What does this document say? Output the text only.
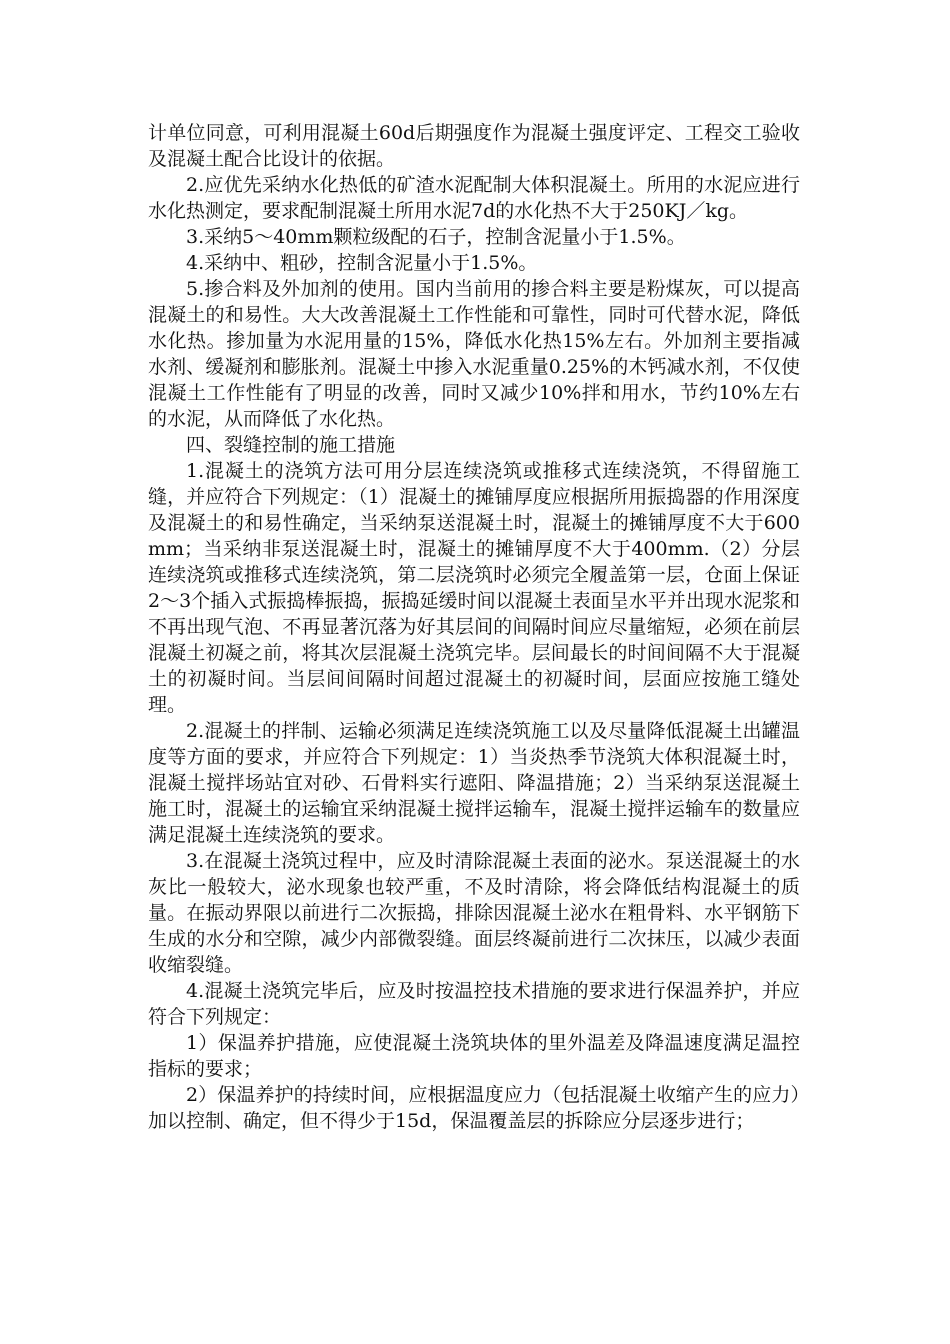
计单位同意，可利用混凝土60d后期强度作为混凝土强度评定、工程交工验收及混凝土配合比设计的依据。

2.应优先采纳水化热低的矿渣水泥配制大体积混凝土。所用的水泥应进行水化热测定，要求配制混凝土所用水泥7d的水化热不大于250KJ／kg。

3.采纳5～40mm颗粒级配的石子，控制含泥量小于1.5%。

4.采纳中、粗砂，控制含泥量小于1.5%。

5.掺合料及外加剂的使用。国内当前用的掺合料主要是粉煤灰，可以提高混凝土的和易性。大大改善混凝土工作性能和可靠性，同时可代替水泥，降低水化热。掺加量为水泥用量的15%，降低水化热15%左右。外加剂主要指减水剂、缓凝剂和膨胀剂。混凝土中掺入水泥重量0.25%的木钙减水剂，不仅使混凝土工作性能有了明显的改善，同时又减少10%拌和用水，节约10%左右的水泥，从而降低了水化热。

四、裂缝控制的施工措施

1.混凝土的浇筑方法可用分层连续浇筑或推移式连续浇筑，不得留施工缝，并应符合下列规定：（1）混凝土的摊铺厚度应根据所用振捣器的作用深度及混凝土的和易性确定，当采纳泵送混凝土时，混凝土的摊铺厚度不大于600mm；当采纳非泵送混凝土时，混凝土的摊铺厚度不大于400mm.（2）分层连续浇筑或推移式连续浇筑，第二层浇筑时必须完全履盖第一层，仓面上保证2～3个插入式振捣棒振捣，振捣延缓时间以混凝土表面呈水平并出现水泥浆和不再出现气泡、不再显著沉落为好其层间的间隔时间应尽量缩短，必须在前层混凝土初凝之前，将其次层混凝土浇筑完毕。层间最长的时间间隔不大于混凝土的初凝时间。当层间间隔时间超过混凝土的初凝时间，层面应按施工缝处理。

2.混凝土的拌制、运输必须满足连续浇筑施工以及尽量降低混凝土出罐温度等方面的要求，并应符合下列规定：1）当炎热季节浇筑大体积混凝土时，混凝土搅拌场站宜对砂、石骨料实行遮阳、降温措施；2）当采纳泵送混凝土施工时，混凝土的运输宜采纳混凝土搅拌运输车，混凝土搅拌运输车的数量应满足混凝土连续浇筑的要求。

3.在混凝土浇筑过程中，应及时清除混凝土表面的泌水。泵送混凝土的水灰比一般较大，泌水现象也较严重，不及时清除，将会降低结构混凝土的质量。在振动界限以前进行二次振捣，排除因混凝土泌水在粗骨料、水平钢筋下生成的水分和空隙，减少内部微裂缝。面层终凝前进行二次抹压，以减少表面收缩裂缝。

4.混凝土浇筑完毕后，应及时按温控技术措施的要求进行保温养护，并应符合下列规定：

1）保温养护措施，应使混凝土浇筑块体的里外温差及降温速度满足温控指标的要求；

2）保温养护的持续时间，应根据温度应力（包括混凝土收缩产生的应力）加以控制、确定，但不得少于15d，保温覆盖层的拆除应分层逐步进行；
